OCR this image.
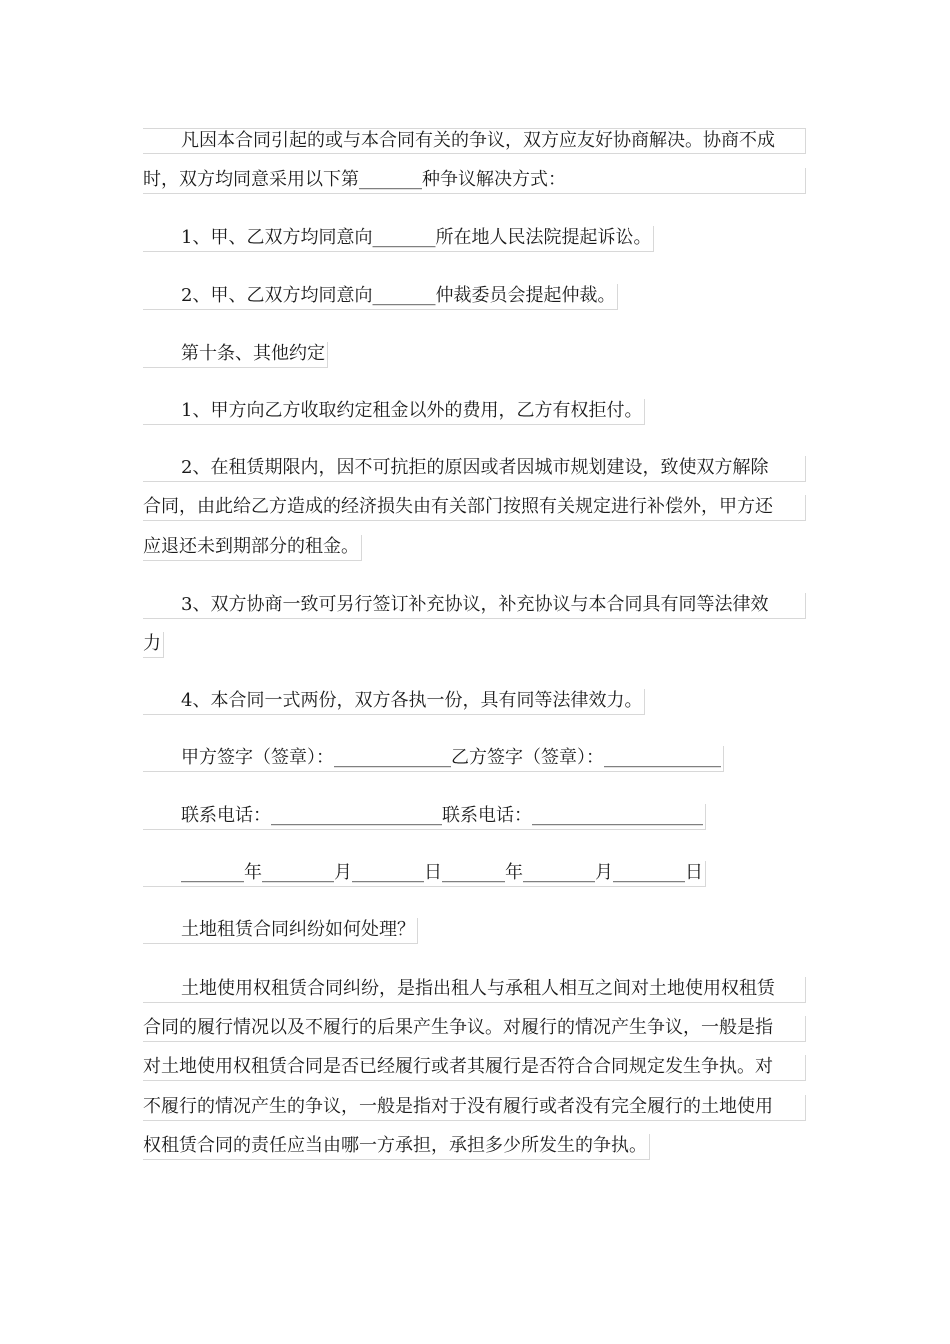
凡因本合同引起的或与本合同有关的争议，双方应友好协商解决。协商不成
时，双方均同意采用以下第_______种争议解决方式：
1、甲、乙双方均同意向_______所在地人民法院提起诉讼。
2、甲、乙双方均同意向_______仲裁委员会提起仲裁。
第十条、其他约定
1、甲方向乙方收取约定租金以外的费用，乙方有权拒付。
2、在租赁期限内，因不可抗拒的原因或者因城市规划建设，致使双方解除
合同，由此给乙方造成的经济损失由有关部门按照有关规定进行补偿外，甲方还
应退还未到期部分的租金。
3、双方协商一致可另行签订补充协议，补充协议与本合同具有同等法律效
力
4、本合同一式两份，双方各执一份，具有同等法律效力。
甲方签字（签章）：_____________乙方签字（签章）：_____________
联系电话：___________________联系电话：___________________
_______年________月________日_______年________月________日
土地租赁合同纠纷如何处理？
土地使用权租赁合同纠纷，是指出租人与承租人相互之间对土地使用权租赁
合同的履行情况以及不履行的后果产生争议。对履行的情况产生争议，一般是指
对土地使用权租赁合同是否已经履行或者其履行是否符合合同规定发生争执。对
不履行的情况产生的争议，一般是指对于没有履行或者没有完全履行的土地使用
权租赁合同的责任应当由哪一方承担，承担多少所发生的争执。
